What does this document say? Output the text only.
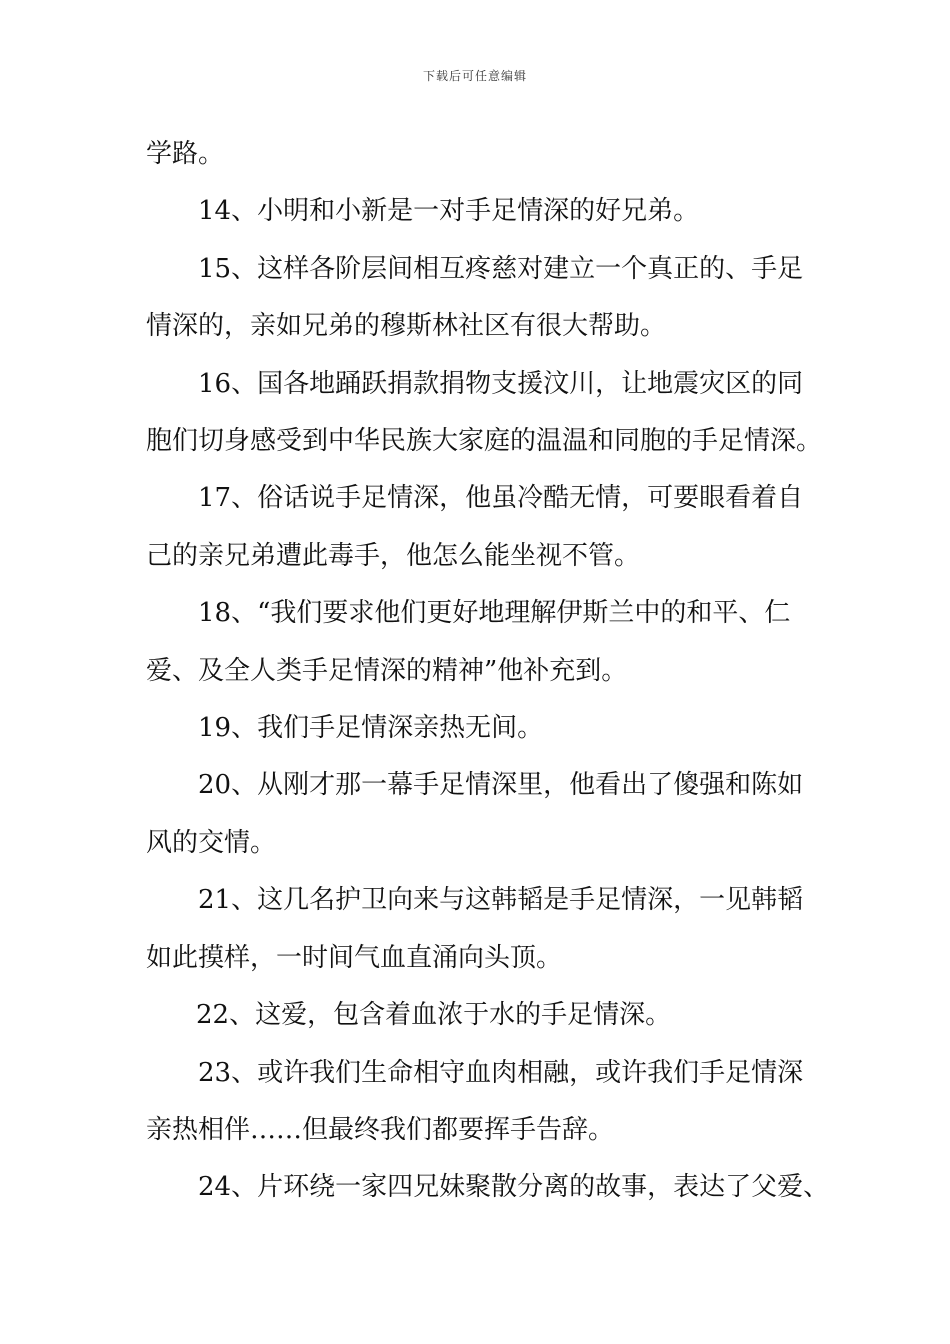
下载后可任意编辑

学路。

14、小明和小新是一对手足情深的好兄弟。

15、这样各阶层间相互疼慈对建立一个真正的、手足

情深的，亲如兄弟的穆斯林社区有很大帮助。

16、国各地踊跃捐款捐物支援汶川，让地震灾区的同

胞们切身感受到中华民族大家庭的温温和同胞的手足情深。

17、俗话说手足情深，他虽冷酷无情，可要眼看着自

己的亲兄弟遭此毒手，他怎么能坐视不管。

18、“我们要求他们更好地理解伊斯兰中的和平、仁

爱、及全人类手足情深的精神”他补充到。

19、我们手足情深亲热无间。

20、从刚才那一幕手足情深里，他看出了傻强和陈如

风的交情。

21、这几名护卫向来与这韩韬是手足情深，一见韩韬

如此摸样，一时间气血直涌向头顶。

22、这爱，包含着血浓于水的手足情深。

23、或许我们生命相守血肉相融，或许我们手足情深

亲热相伴……但最终我们都要挥手告辞。

24、片环绕一家四兄妹聚散分离的故事，表达了父爱、
